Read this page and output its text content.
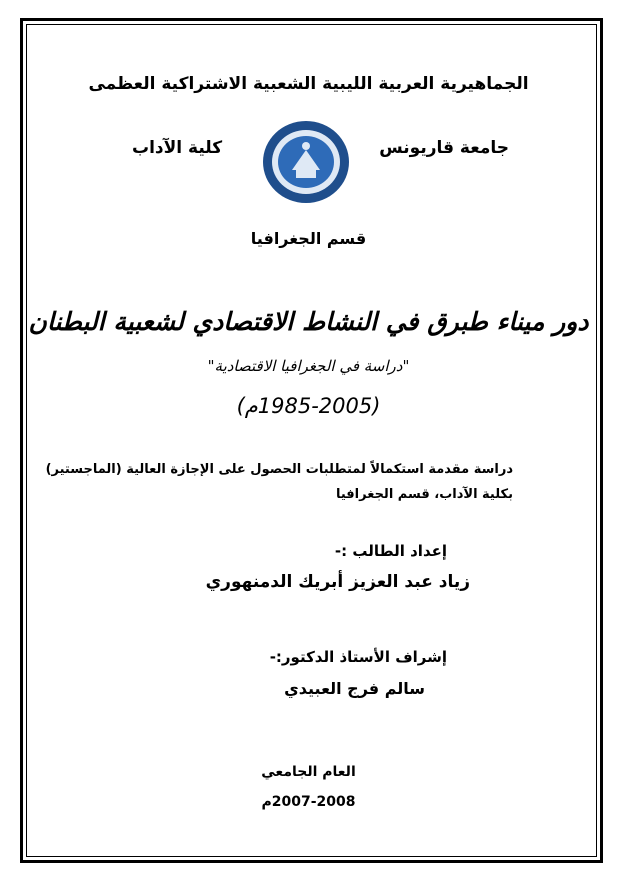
الجماهيرية العربية الليبية الشعبية الاشتراكية العظمى
جامعة قاريونس
كلية الآداب
قسم الجغرافيا
دور ميناء طبرق في النشاط الاقتصادي لشعبية البطنان
"دراسة في الجغرافيا الاقتصادية"
(1985-2005م)
دراسة مقدمة استكمالاً لمتطلبات الحصول على الإجازة العالية (الماجستير)
بكلية الآداب، قسم الجغرافيا
إعداد الطالب :-
زياد عبد العزيز أبريك الدمنهوري
إشراف الأستاذ الدكتور:-
سالم فرج العبيدي
العام الجامعي
2007-2008م
